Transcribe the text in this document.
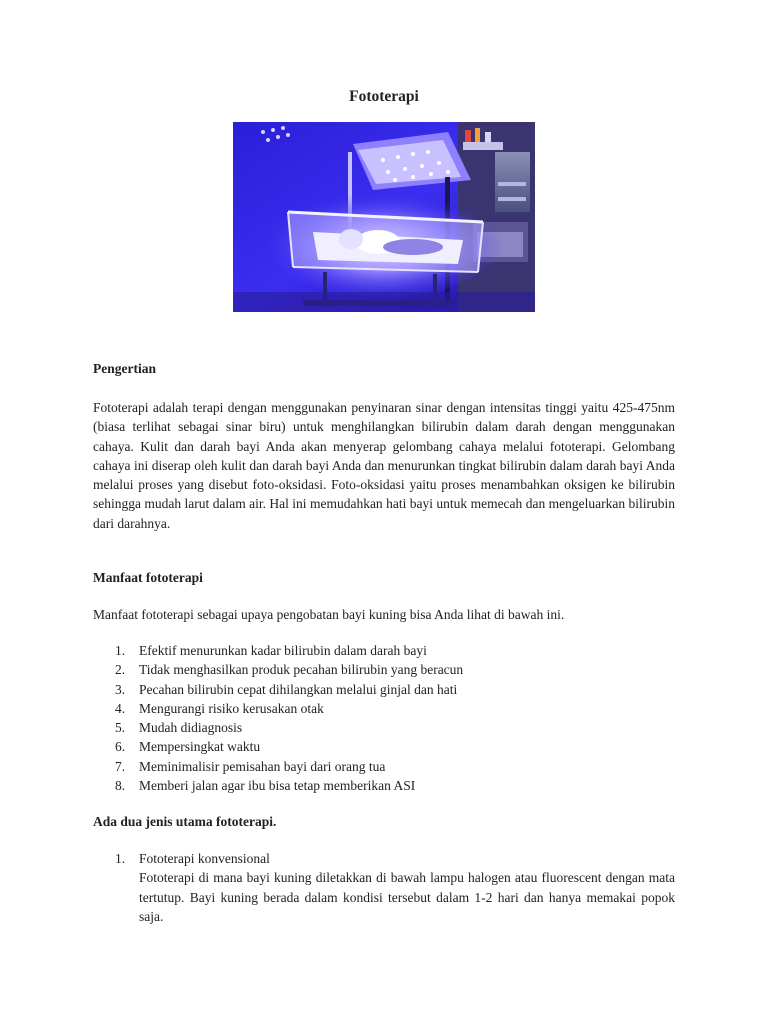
Fototerapi
Pengertian

Fototerapi adalah terapi dengan menggunakan penyinaran sinar dengan intensitas tinggi yaitu 425-475nm (biasa terlihat sebagai sinar biru) untuk menghilangkan bilirubin dalam darah dengan menggunakan cahaya. Kulit dan darah bayi Anda akan menyerap gelombang cahaya melalui fototerapi. Gelombang cahaya ini diserap oleh kulit dan darah bayi Anda dan menurunkan tingkat bilirubin dalam darah bayi Anda melalui proses yang disebut foto-oksidasi. Foto-oksidasi yaitu proses menambahkan oksigen ke bilirubin sehingga mudah larut dalam air. Hal ini memudahkan hati bayi untuk memecah dan mengeluarkan bilirubin dari darahnya.

Manfaat fototerapi

Manfaat fototerapi sebagai upaya pengobatan bayi kuning bisa Anda lihat di bawah ini.

1. Efektif menurunkan kadar bilirubin dalam darah bayi
2. Tidak menghasilkan produk pecahan bilirubin yang beracun
3. Pecahan bilirubin cepat dihilangkan melalui ginjal dan hati
4. Mengurangi risiko kerusakan otak
5. Mudah didiagnosis
6. Mempersingkat waktu
7. Meminimalisir pemisahan bayi dari orang tua
8. Memberi jalan agar ibu bisa tetap memberikan ASI
Ada dua jenis utama fototerapi.
1. Fototerapi konvensional
Fototerapi di mana bayi kuning diletakkan di bawah lampu halogen atau fluorescent dengan mata tertutup. Bayi kuning berada dalam kondisi tersebut dalam 1-2 hari dan hanya memakai popok saja.
